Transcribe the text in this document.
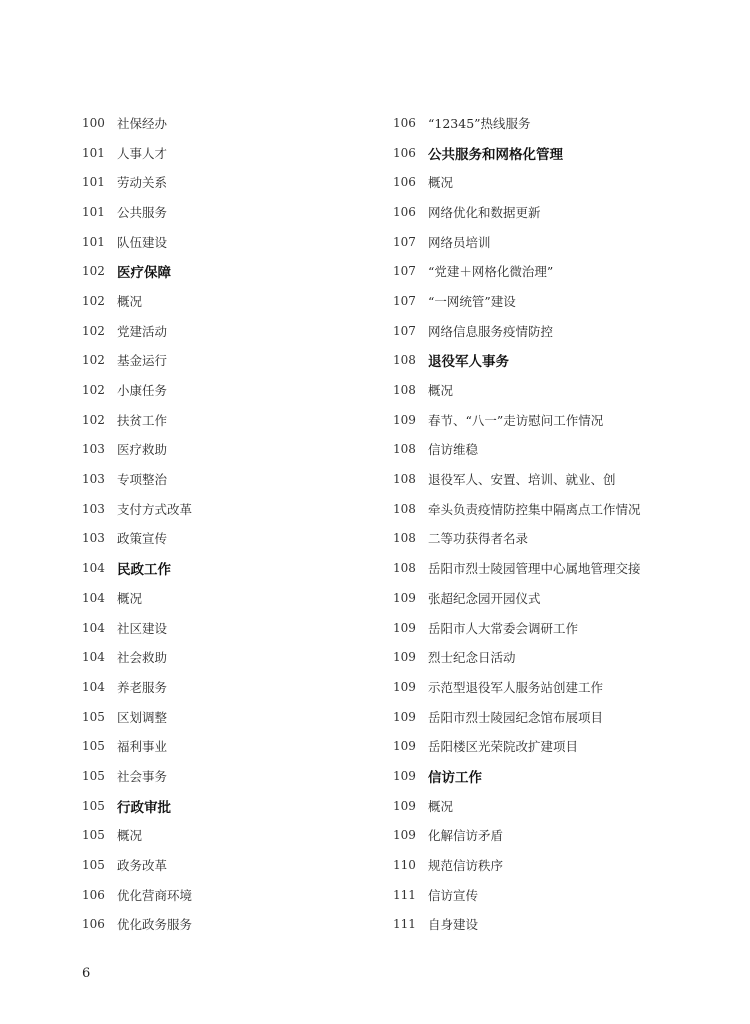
100 社保经办
101 人事人才
101 劳动关系
101 公共服务
101 队伍建设
102 医疗保障
102 概况
102 党建活动
102 基金运行
102 小康任务
102 扶贫工作
103 医疗救助
103 专项整治
103 支付方式改革
103 政策宣传
104 民政工作
104 概况
104 社区建设
104 社会救助
104 养老服务
105 区划调整
105 福利事业
105 社会事务
105 行政审批
105 概况
105 政务改革
106 优化营商环境
106 优化政务服务
106 “12345”热线服务
106 公共服务和网格化管理
106 概况
106 网络优化和数据更新
107 网络员培训
107 “党建＋网格化微治理”
107 “一网统管”建设
107 网络信息服务疫情防控
108 退役军人事务
108 概况
109 春节、“八一”走访慰问工作情况
108 信访维稳
108 退役军人、安置、培训、就业、创
108 牵头负责疫情防控集中隔离点工作情况
108 二等功获得者名录
108 岳阳市烈士陵园管理中心属地管理交接
109 张超纪念园开园仪式
109 岳阳市人大常委会调研工作
109 烈士纪念日活动
109 示范型退役军人服务站创建工作
109 岳阳市烈士陵园纪念馆布展项目
109 岳阳楼区光荣院改扩建项目
109 信访工作
109 概况
109 化解信访矛盾
110 规范信访秩序
111 信访宣传
111 自身建设
6
